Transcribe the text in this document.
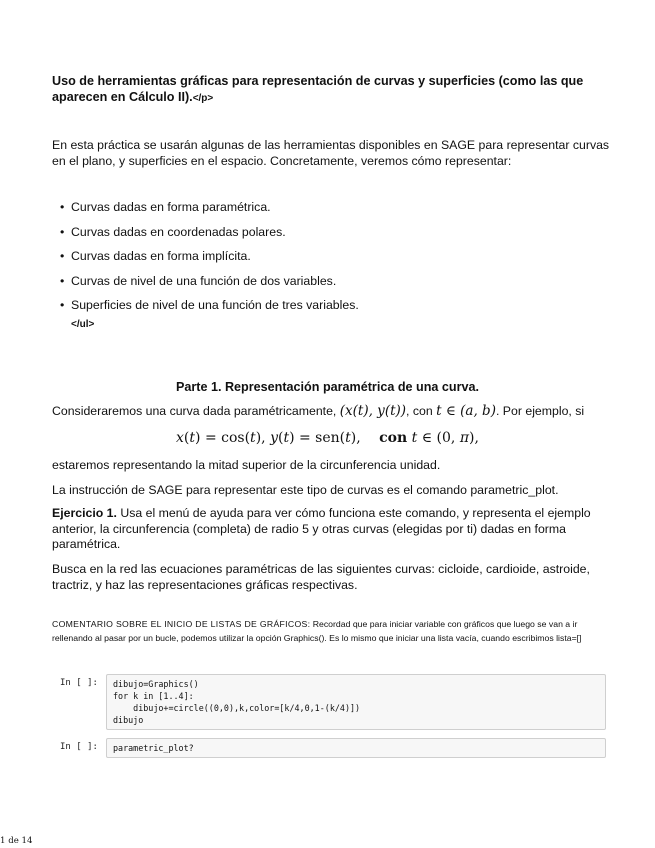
Uso de herramientas gráficas para representación de curvas y superficies (como las que aparecen en Cálculo II).</p>
En esta práctica se usarán algunas de las herramientas disponibles en SAGE para representar curvas en el plano, y superficies en el espacio. Concretamente, veremos cómo representar:
• Curvas dadas en forma paramétrica.
• Curvas dadas en coordenadas polares.
• Curvas dadas en forma implícita.
• Curvas de nivel de una función de dos variables.
• Superficies de nivel de una función de tres variables.
</ul>
Parte 1. Representación paramétrica de una curva.
Consideraremos una curva dada paramétricamente, (x(t), y(t)), con t ∈ (a, b). Por ejemplo, si
x(t) = cos(t), y(t) = sen(t), con t ∈ (0, π),
estaremos representando la mitad superior de la circunferencia unidad.
La instrucción de SAGE para representar este tipo de curvas es el comando parametric_plot.
Ejercicio 1. Usa el menú de ayuda para ver cómo funciona este comando, y representa el ejemplo anterior, la circunferencia (completa) de radio 5 y otras curvas (elegidas por ti) dadas en forma paramétrica.
Busca en la red las ecuaciones paramétricas de las siguientes curvas: cicloide, cardioide, astroide, tractriz, y haz las representaciones gráficas respectivas.
COMENTARIO SOBRE EL INICIO DE LISTAS DE GRÁFICOS: Recordad que para iniciar variable con gráficos que luego se van a ir rellenando al pasar por un bucle, podemos utilizar la opción Graphics(). Es lo mismo que iniciar una lista vacía, cuando escribimos lista=[]
In [ ]:	dibujo=Graphics()
for k in [1..4]:
dibujo+=circle((0,0),k,color=[k/4,0,1-(k/4)])
dibujo
In [ ]:	parametric_plot?
1 de 14
